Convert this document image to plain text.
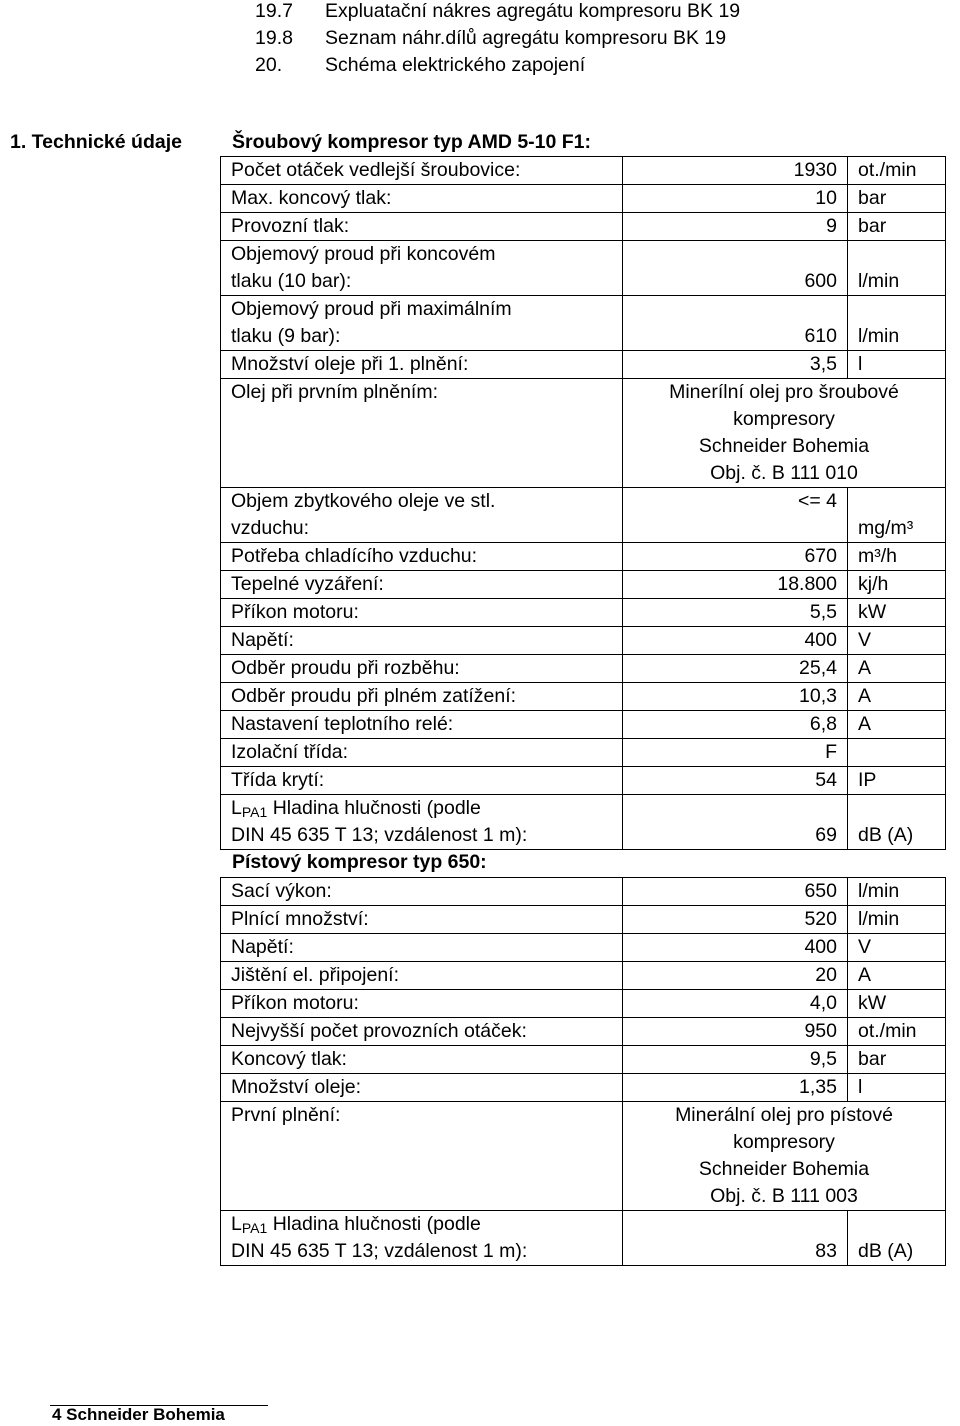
19.7	Expluatační nákres agregátu kompresoru BK 19
19.8	Seznam náhr.dílů agregátu kompresoru BK 19
20.	Schéma elektrického zapojení
1. Technické údaje	Šroubový kompresor typ AMD 5-10 F1:
Počet otáček vedlejší šroubovice:	1930	ot./min
Max. koncový tlak:	10	bar
Provozní tlak:	9	bar

Objemový proud při koncovém
tlaku (10 bar):	600	l/min

Objemový proud při maximálním
tlaku (9 bar):	610	l/min
Množství oleje při 1. plnění:	3,5	l
Olej při prvním plněním:	Minerílní olej pro šroubové
kompresory
Schneider Bohemia
Obj. č. B 111 010	

Objem zbytkového oleje ve stl.
vzduchu:	<= 4	mg/m³
Potřeba chladícího vzduchu:	670	m³/h
Tepelné vyzáření:	18.800	kj/h
Příkon motoru:	5,5	kW
Napětí:	400	V
Odběr proudu při rozběhu:	25,4	A
Odběr proudu při plném zatížení:	10,3	A
Nastavení teplotního relé:	6,8	A
Izolační třída:	F	
Třída krytí:	54	IP

$L_{PA1}$ Hladina hlučnosti (podle
DIN 45 635 T 13; vzdálenost 1 m):	69	dB (A)
Pístový kompresor typ 650:
Sací výkon:	650	l/min
Plnící množství:	520	l/min
Napětí:	400	V
Jištění el. připojení:	20	A
Příkon motoru:	4,0	kW
Nejvyšší počet provozních otáček:	950	ot./min
Koncový tlak:	9,5	bar
Množství oleje:	1,35	l
První plnění:	Minerální olej pro pístové
kompresory
Schneider Bohemia
Obj. č. B 111 003	

$L_{PA1}$ Hladina hlučnosti (podle
DIN 45 635 T 13; vzdálenost 1 m):	83	dB (A)
4 Schneider Bohemia
